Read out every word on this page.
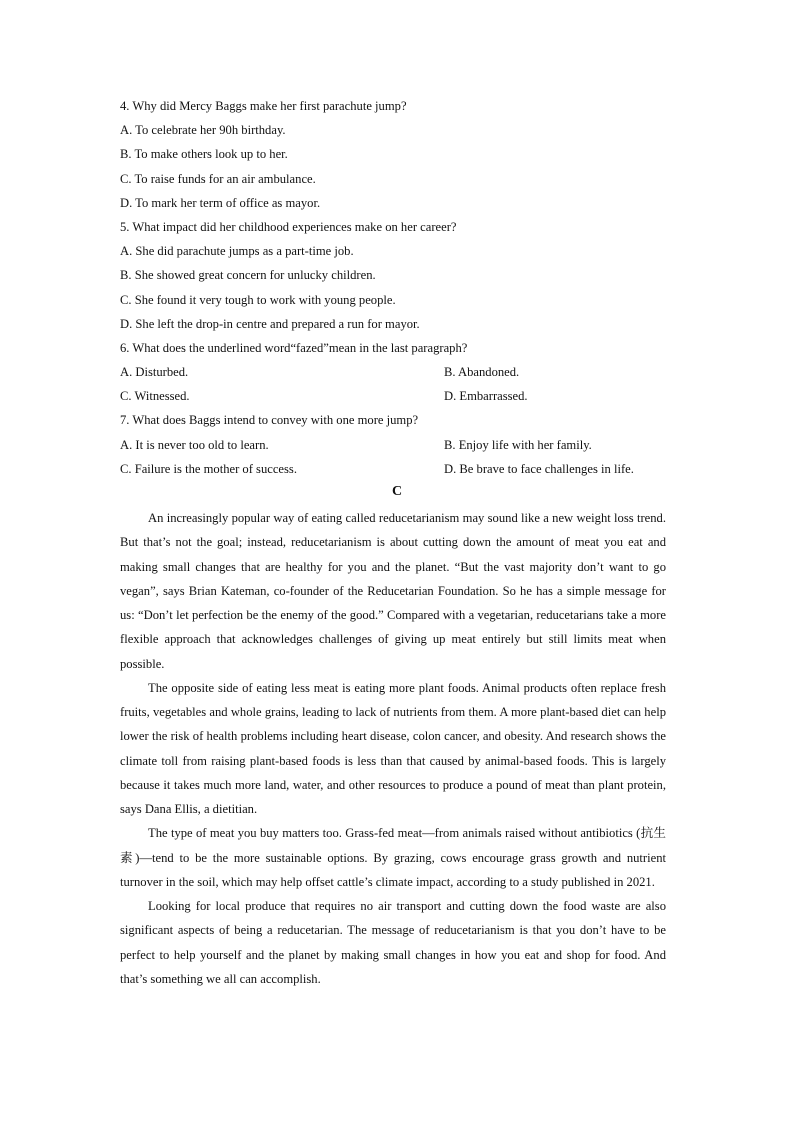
4. Why did Mercy Baggs make her first parachute jump?
A. To celebrate her 90h birthday.
B. To make others look up to her.
C. To raise funds for an air ambulance.
D. To mark her term of office as mayor.
5. What impact did her childhood experiences make on her career?
A. She did parachute jumps as a part-time job.
B. She showed great concern for unlucky children.
C. She found it very tough to work with young people.
D. She left the drop-in centre and prepared a run for mayor.
6. What does the underlined word“fazed”mean in the last paragraph?
A. Disturbed.	B. Abandoned.
C. Witnessed.	D. Embarrassed.
7. What does Baggs intend to convey with one more jump?
A. It is never too old to learn.	B. Enjoy life with her family.
C. Failure is the mother of success.	D. Be brave to face challenges in life.
C

An increasingly popular way of eating called reducetarianism may sound like a new weight loss trend. But that’s not the goal; instead, reducetarianism is about cutting down the amount of meat you eat and making small changes that are healthy for you and the planet. “But the vast majority don’t want to go vegan”, says Brian Kateman, co-founder of the Reducetarian Foundation. So he has a simple message for us: “Don’t let perfection be the enemy of the good.” Compared with a vegetarian, reducetarians take a more flexible approach that acknowledges challenges of giving up meat entirely but still limits meat when possible.

The opposite side of eating less meat is eating more plant foods. Animal products often replace fresh fruits, vegetables and whole grains, leading to lack of nutrients from them. A more plant-based diet can help lower the risk of health problems including heart disease, colon cancer, and obesity. And research shows the climate toll from raising plant-based foods is less than that caused by animal-based foods. This is largely because it takes much more land, water, and other resources to produce a pound of meat than plant protein, says Dana Ellis, a dietitian.

The type of meat you buy matters too. Grass-fed meat—from animals raised without antibiotics (抗生素)—tend to be the more sustainable options. By grazing, cows encourage grass growth and nutrient turnover in the soil, which may help offset cattle’s climate impact, according to a study published in 2021.

Looking for local produce that requires no air transport and cutting down the food waste are also significant aspects of being a reducetarian. The message of reducetarianism is that you don’t have to be perfect to help yourself and the planet by making small changes in how you eat and shop for food. And that’s something we all can accomplish.
